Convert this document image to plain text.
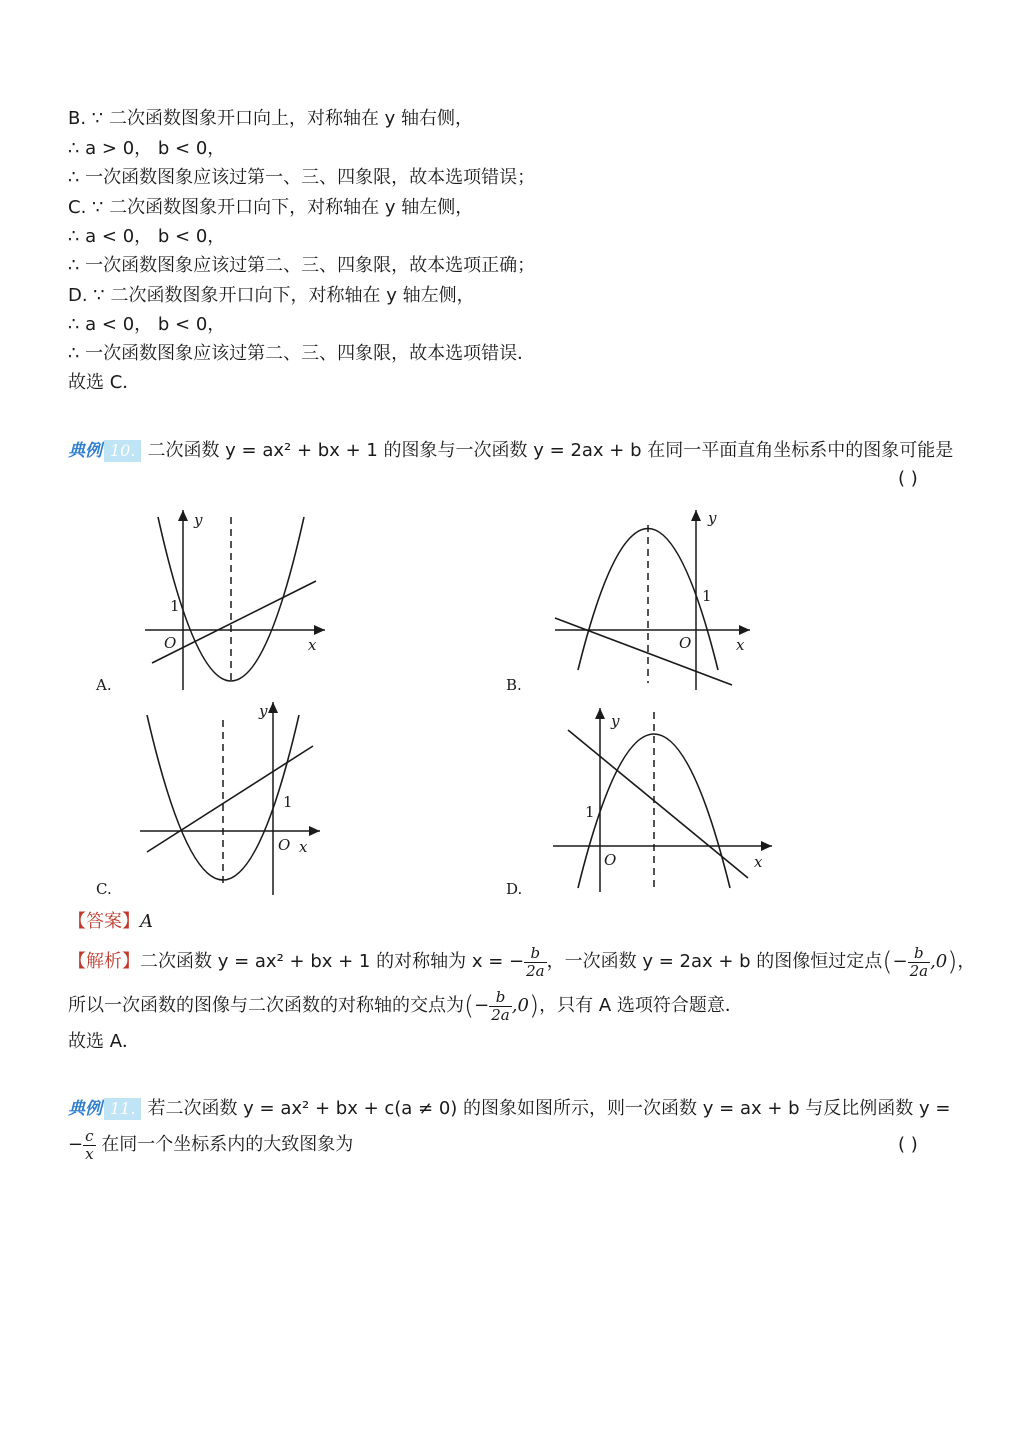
B. ∵ 二次函数图象开口向上，对称轴在 y 轴右侧，
∴ a > 0， b < 0，
∴ 一次函数图象应该过第一、三、四象限，故本选项错误；
C. ∵ 二次函数图象开口向下，对称轴在 y 轴左侧，
∴ a < 0， b < 0，
∴ 一次函数图象应该过第二、三、四象限，故本选项正确；
D. ∵ 二次函数图象开口向下，对称轴在 y 轴左侧，
∴ a < 0， b < 0，
∴ 一次函数图象应该过第二、三、四象限，故本选项错误．
故选 C．
典例 10. 二次函数 y = ax² + bx + 1 的图象与一次函数 y = 2ax + b 在同一平面直角坐标系中的图象可能是
( )
y
x
O
1
A.
y
x
O
1
B.
y
x
O
1
C.
y
x
O
1
D.
【答案】A
【解析】二次函数 y = ax² + bx + 1 的对称轴为 x = − $\frac{b}{2a}$ ，一次函数 y = 2ax + b 的图像恒过定点(− $\frac{b}{2a} ,0$)，
所以一次函数的图像与二次函数的对称轴的交点为(− $\frac{b}{2a} ,0$)，只有 A 选项符合题意．
故选 A．
典例 11. 若二次函数 y = ax² + bx + c(a ≠ 0) 的图象如图所示，则一次函数 y = ax + b 与反比例函数 y =
− $\frac{c}{x}$ 在同一个坐标系内的大致图象为	( )
